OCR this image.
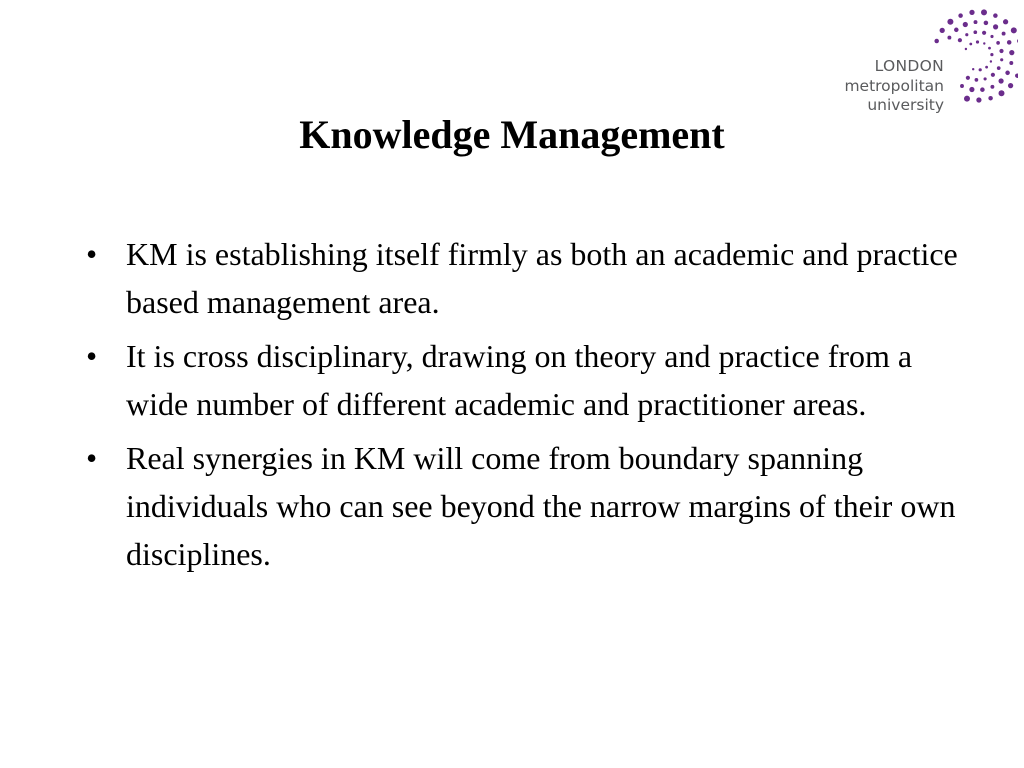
LONDON
metropolitan
university
Knowledge Management
• KM is establishing itself firmly as both an academic and practice based management area.
• It is cross disciplinary, drawing on theory and practice from a wide number of different academic and practitioner areas.
• Real synergies in KM will come from boundary spanning individuals who can see beyond the narrow margins of their own disciplines.
